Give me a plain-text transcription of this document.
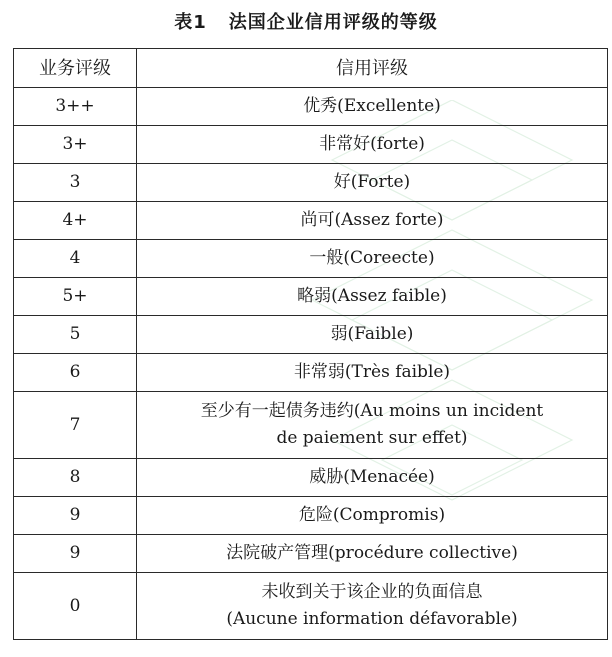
表1 法国企业信用评级的等级
业务评级	信用评级
3++	优秀(Excellente)
3+	非常好(forte)
3	好(Forte)
4+	尚可(Assez forte)
4	一般(Coreecte)
5+	略弱(Assez faible)
5	弱(Faible)
6	非常弱(Très faible)
7	至少有一起债务违约(Au moins un incident
de paiement sur effet)

8	威胁(Menacée)
9	危险(Compromis)
9	法院破产管理(procédure collective)
0	未收到关于该企业的负面信息
(Aucune information défavorable)
